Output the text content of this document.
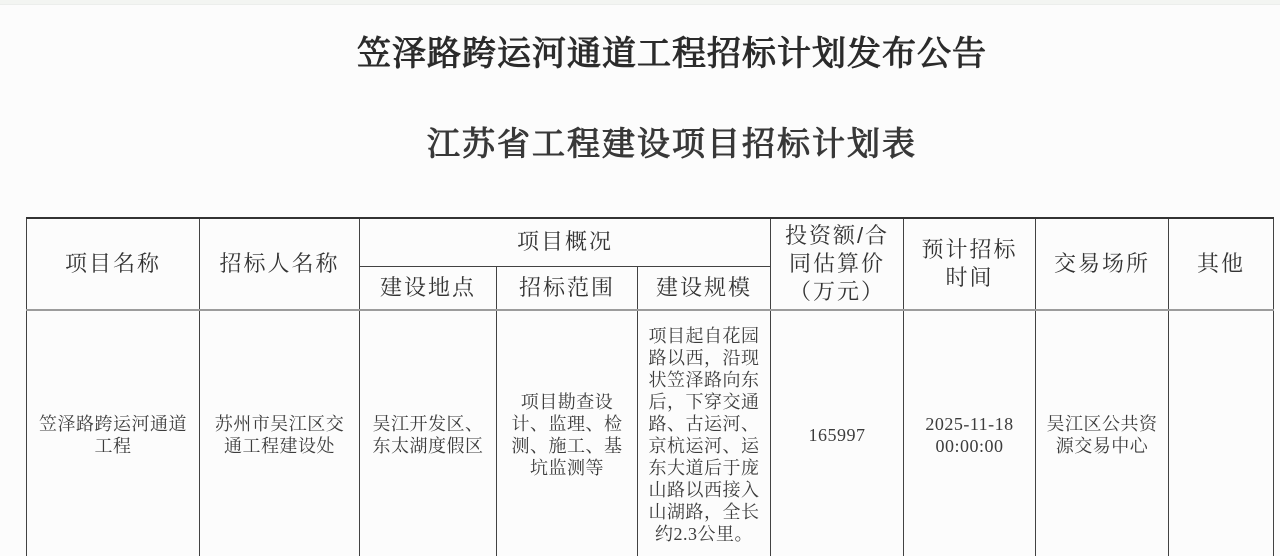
笠泽路跨运河通道工程招标计划发布公告
江苏省工程建设项目招标计划表
项目名称	招标人名称	项目概况			投资额/合同估算价（万元）	预计招标时间	交易场所	其他
		建设地点	招标范围	建设规模				
笠泽路跨运河通道工程	苏州市吴江区交通工程建设处	吴江开发区、东太湖度假区	项目勘查设计、监理、检测、施工、基坑监测等	项目起自花园路以西，沿现状笠泽路向东后，下穿交通路、古运河、京杭运河、运东大道后于庞山路以西接入山湖路，全长约2.3公里。	165997	2025-11-18 00:00:00	吴江区公共资源交易中心	
